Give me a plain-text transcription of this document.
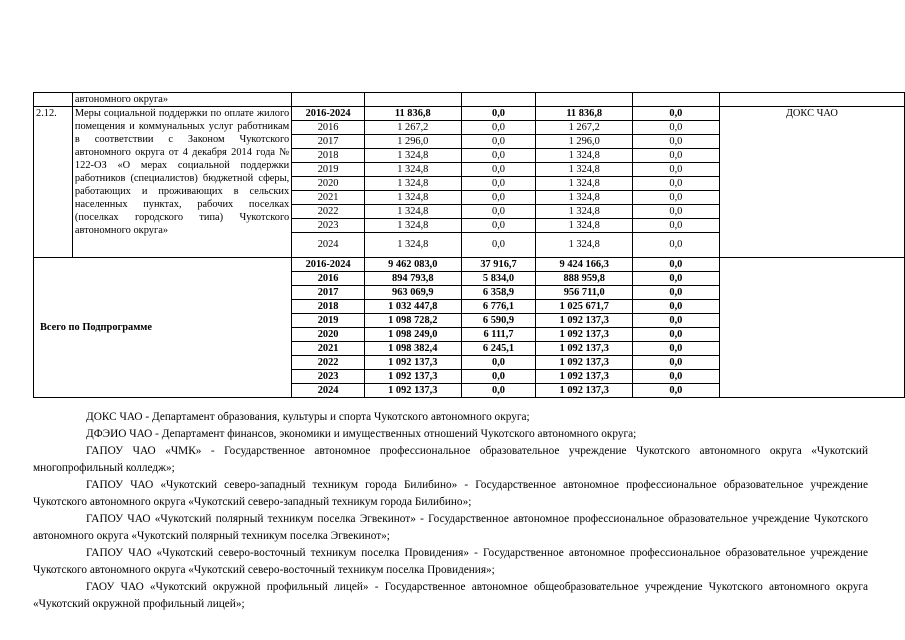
	автономного округа»						
2.12.	Меры социальной поддержки по оплате жилого помещения и коммунальных услуг работникам в соответствии с Законом Чукотского автономного округа от 4 декабря 2014 года № 122-ОЗ «О мерах социальной поддержки работников (специалистов) бюджетной сферы, работающих и проживающих в сельских населенных пунктах, рабочих поселках (поселках городского типа) Чукотского автономного округа»	2016-2024	11 836,8	0,0	11 836,8	0,0	ДОКС ЧАО
		2016	1 267,2	0,0	1 267,2	0,0	
		2017	1 296,0	0,0	1 296,0	0,0	
		2018	1 324,8	0,0	1 324,8	0,0	
		2019	1 324,8	0,0	1 324,8	0,0	
		2020	1 324,8	0,0	1 324,8	0,0	
		2021	1 324,8	0,0	1 324,8	0,0	
		2022	1 324,8	0,0	1 324,8	0,0	
		2023	1 324,8	0,0	1 324,8	0,0	
		2024	1 324,8	0,0	1 324,8	0,0	
Всего по Подпрограмме		2016-2024	9 462 083,0	37 916,7	9 424 166,3	0,0	
		2016	894 793,8	5 834,0	888 959,8	0,0	
		2017	963 069,9	6 358,9	956 711,0	0,0	
		2018	1 032 447,8	6 776,1	1 025 671,7	0,0	
		2019	1 098 728,2	6 590,9	1 092 137,3	0,0	
		2020	1 098 249,0	6 111,7	1 092 137,3	0,0	
		2021	1 098 382,4	6 245,1	1 092 137,3	0,0	
		2022	1 092 137,3	0,0	1 092 137,3	0,0	
		2023	1 092 137,3	0,0	1 092 137,3	0,0	
		2024	1 092 137,3	0,0	1 092 137,3	0,0	

ДОКС ЧАО - Департамент образования, культуры и спорта Чукотского автономного округа;

ДФЭИО ЧАО - Департамент финансов, экономики и имущественных отношений Чукотского автономного округа;

ГАПОУ ЧАО «ЧМК» - Государственное автономное профессиональное образовательное учреждение Чукотского автономного округа «Чукотский многопрофильный колледж»;

ГАПОУ ЧАО «Чукотский северо-западный техникум города Билибино» - Государственное автономное профессиональное образовательное учреждение Чукотского автономного округа «Чукотский северо-западный техникум города Билибино»;

ГАПОУ ЧАО «Чукотский полярный техникум поселка Эгвекинот» - Государственное автономное профессиональное образовательное учреждение Чукотского автономного округа «Чукотский полярный техникум поселка Эгвекинот»;

ГАПОУ ЧАО «Чукотский северо-восточный техникум поселка Провидения» - Государственное автономное профессиональное образовательное учреждение Чукотского автономного округа «Чукотский северо-восточный техникум поселка Провидения»;

ГАОУ ЧАО «Чукотский окружной профильный лицей» - Государственное автономное общеобразовательное учреждение Чукотского автономного округа «Чукотский окружной профильный лицей»;
